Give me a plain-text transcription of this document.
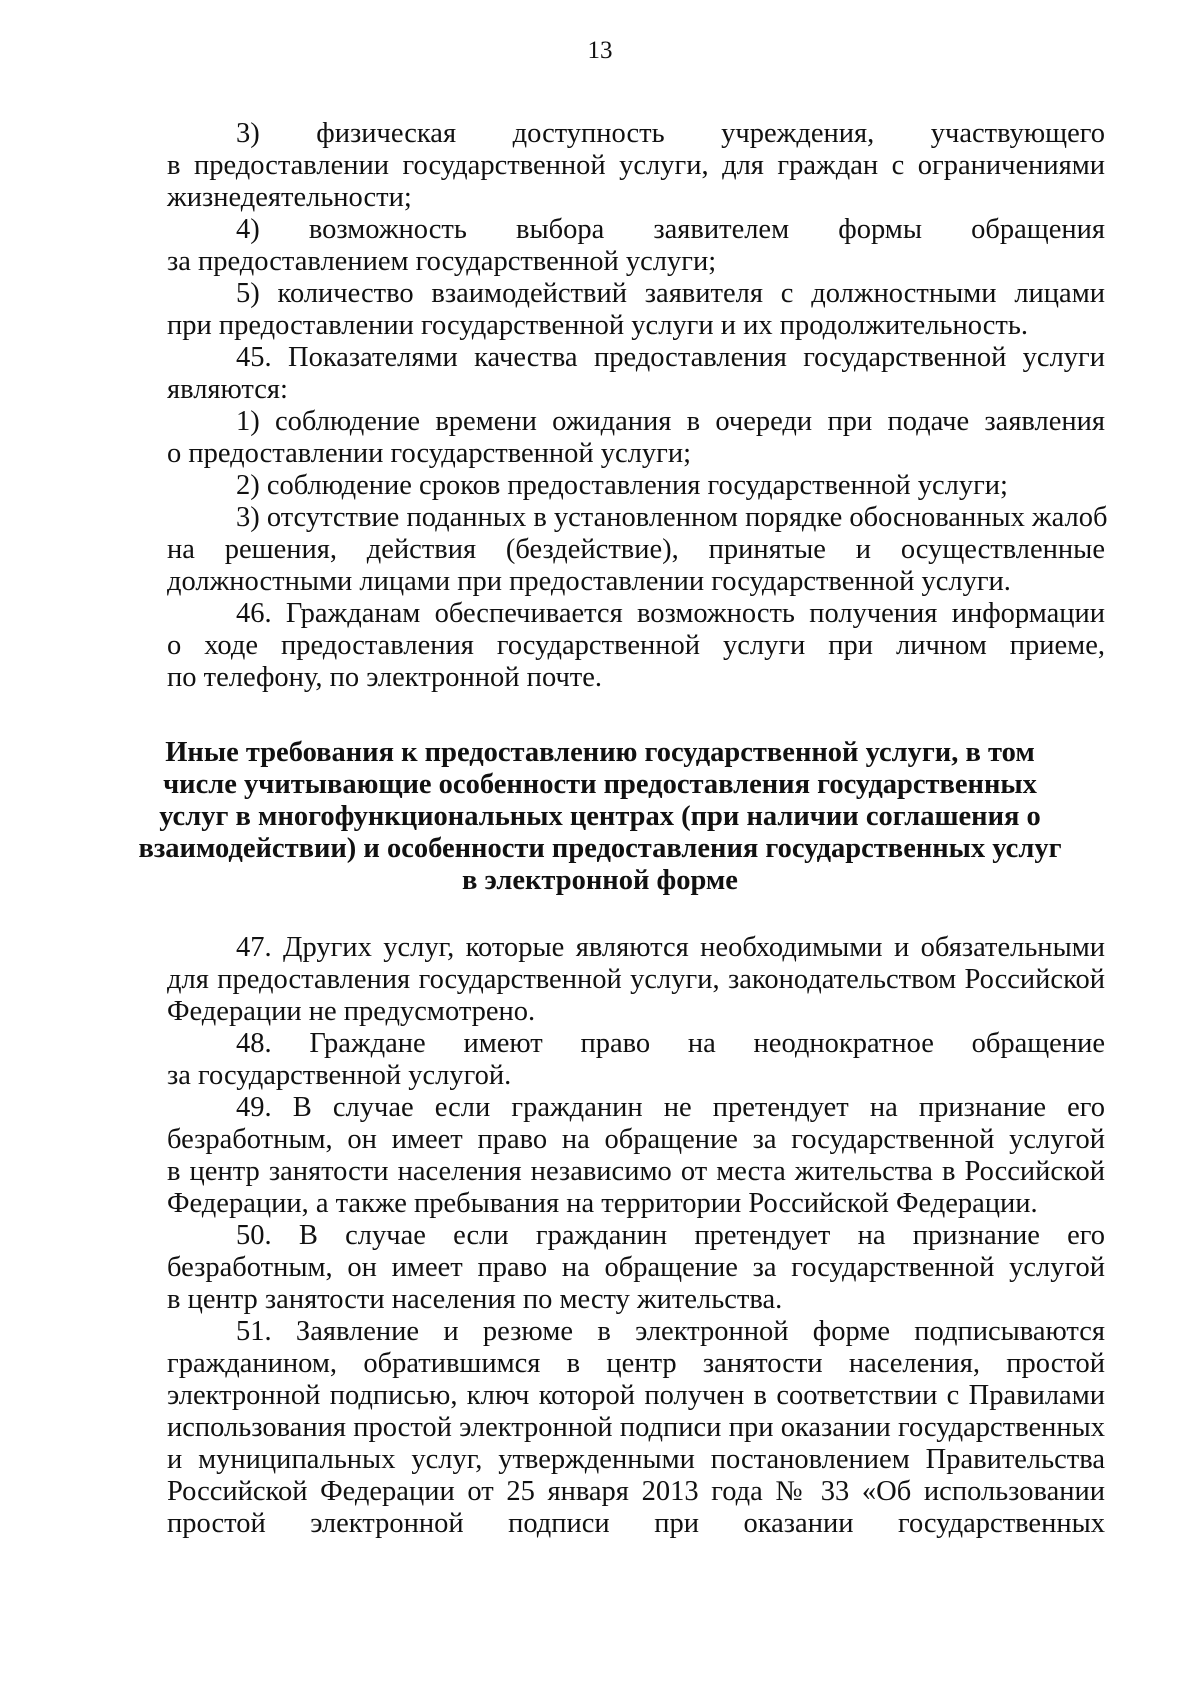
13
3) физическая доступность учреждения, участвующего
в предоставлении государственной услуги, для граждан с ограничениями
жизнедеятельности;
4) возможность выбора заявителем формы обращения
за предоставлением государственной услуги;
5) количество взаимодействий заявителя с должностными лицами
при предоставлении государственной услуги и их продолжительность.
45. Показателями качества предоставления государственной услуги
являются:
1) соблюдение времени ожидания в очереди при подаче заявления
о предоставлении государственной услуги;
2) соблюдение сроков предоставления государственной услуги;
3) отсутствие поданных в установленном порядке обоснованных жалоб
на решения, действия (бездействие), принятые и осуществленные
должностными лицами при предоставлении государственной услуги.
46. Гражданам обеспечивается возможность получения информации
о ходе предоставления государственной услуги при личном приеме,
по телефону, по электронной почте.
Иные требования к предоставлению государственной услуги, в том
числе учитывающие особенности предоставления государственных
услуг в многофункциональных центрах (при наличии соглашения о
взаимодействии) и особенности предоставления государственных услуг
в электронной форме
47. Других услуг, которые являются необходимыми и обязательными
для предоставления государственной услуги, законодательством Российской
Федерации не предусмотрено.
48. Граждане имеют право на неоднократное обращение
за государственной услугой.
49. В случае если гражданин не претендует на признание его
безработным, он имеет право на обращение за государственной услугой
в центр занятости населения независимо от места жительства в Российской
Федерации, а также пребывания на территории Российской Федерации.
50. В случае если гражданин претендует на признание его
безработным, он имеет право на обращение за государственной услугой
в центр занятости населения по месту жительства.
51. Заявление и резюме в электронной форме подписываются
гражданином, обратившимся в центр занятости населения, простой
электронной подписью, ключ которой получен в соответствии с Правилами
использования простой электронной подписи при оказании государственных
и муниципальных услуг, утвержденными постановлением Правительства
Российской Федерации от 25 января 2013 года № 33 «Об использовании
простой электронной подписи при оказании государственных
